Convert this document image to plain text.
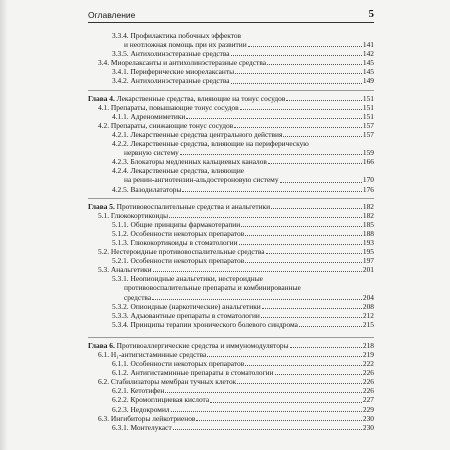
Оглавление	5
3.3.4. Профилактика побочных эффектов
и неотложная помощь при их развитии	141
3.3.5. Антихолинэстеразные средства	142
3.4. Миорелаксанты и антихолинэстеразные средства	145
3.4.1. Периферические миорелаксанты	145
3.4.2. Антихолинэстеразные средства	149
Глава 4. Лекарственные средства, влияющие на тонус сосудов	151
4.1. Препараты, повышающие тонус сосудов	151
4.1.1. Адреномиметики	151
4.2. Препараты, снижающие тонус сосудов	157
4.2.1. Лекарственные средства центрального действия	157
4.2.2. Лекарственные средства, влияющие на периферическую
нервную систему	159
4.2.3. Блокаторы медленных кальциевых каналов	166
4.2.4. Лекарственные средства, влияющие
на ренин-ангиотензин-альдостероновую систему	170
4.2.5. Вазодилататоры	176
Глава 5. Противовоспалительные средства и анальгетики	182
5.1. Глюкокортикоиды	182
5.1.1. Общие принципы фармакотерапии	185
5.1.2. Особенности некоторых препаратов	188
5.1.3. Глюкокортикоиды в стоматологии	193
5.2. Нестероидные противовоспалительные средства	195
5.2.1. Особенности некоторых препаратов	197
5.3. Анальгетики	201
5.3.1. Неопиоидные анальгетики, нестероидные
противовоспалительные препараты и комбинированные
средства	204
5.3.2. Опиоидные (наркотические) анальгетики	208
5.3.3. Адъювантные препараты в стоматологии	212
5.3.4. Принципы терапии хронического болевого синдрома	215
Глава 6. Противоаллергические средства и иммуномодуляторы	218
6.1. H₁-антигистаминные средства	219
6.1.1. Особенности некоторых препаратов	222
6.1.2. Антигистаминные препараты в стоматологии	226
6.2. Стабилизаторы мембран тучных клеток	226
6.2.1. Кетотифен	226
6.2.2. Кромоглициевая кислота	227
6.2.3. Недокромил	229
6.3. Ингибиторы лейкотриенов	230
6.3.1. Монтелукаст	230
